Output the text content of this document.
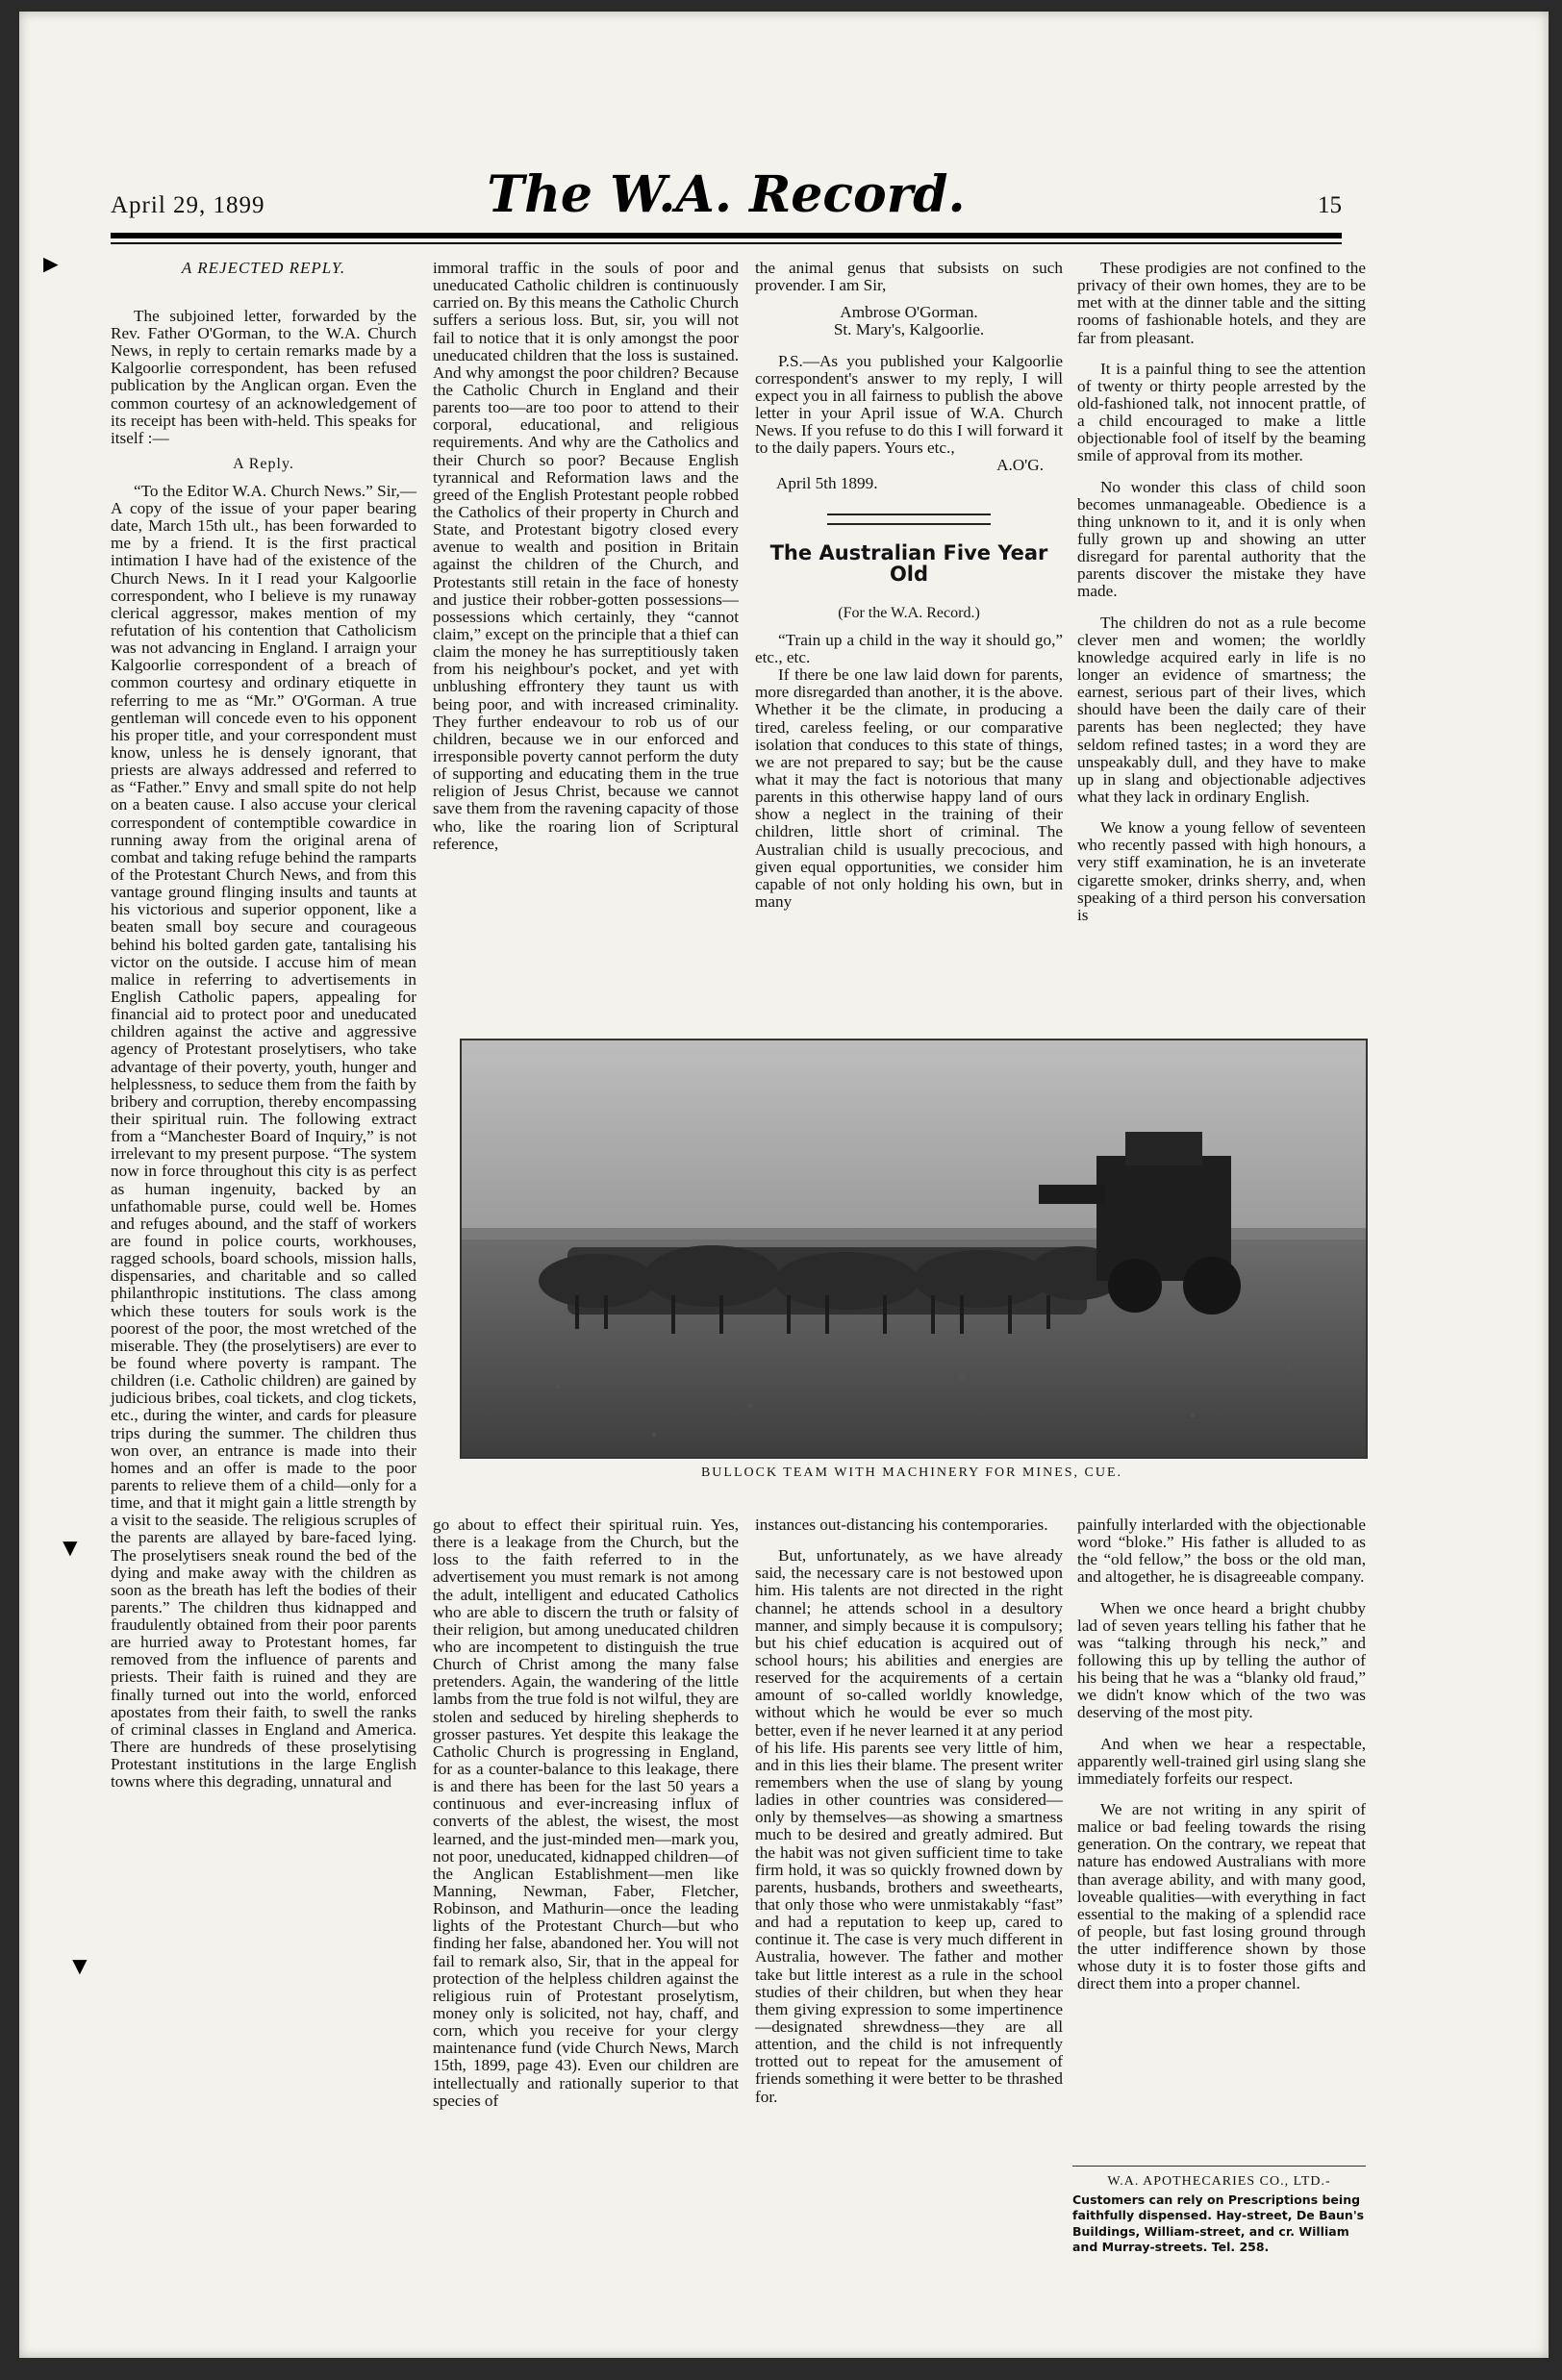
April 29, 1899	The W.A. Record.	15
A REJECTED REPLY.

The subjoined letter, forwarded by the Rev. Father O'Gorman, to the W.A. Church News, in reply to certain remarks made by a Kalgoorlie correspondent, has been refused publication by the Anglican organ. Even the common courtesy of an acknowledgement of its receipt has been with-held. This speaks for itself :—

A Reply.

“To the Editor W.A. Church News.” Sir,—A copy of the issue of your paper bearing date, March 15th ult., has been forwarded to me by a friend. It is the first practical intimation I have had of the existence of the Church News. In it I read your Kalgoorlie correspondent, who I believe is my runaway clerical aggressor, makes mention of my refutation of his contention that Catholicism was not advancing in England. I arraign your Kalgoorlie correspondent of a breach of common courtesy and ordinary etiquette in referring to me as “Mr.” O'Gorman. A true gentleman will concede even to his opponent his proper title, and your correspondent must know, unless he is densely ignorant, that priests are always addressed and referred to as “Father.” Envy and small spite do not help on a beaten cause. I also accuse your clerical correspondent of contemptible cowardice in running away from the original arena of combat and taking refuge behind the ramparts of the Protestant Church News, and from this vantage ground flinging insults and taunts at his victorious and superior opponent, like a beaten small boy secure and courageous behind his bolted garden gate, tantalising his victor on the outside. I accuse him of mean malice in referring to advertisements in English Catholic papers, appealing for financial aid to protect poor and uneducated children against the active and aggressive agency of Protestant proselytisers, who take advantage of their poverty, youth, hunger and helplessness, to seduce them from the faith by bribery and corruption, thereby encompassing their spiritual ruin. The following extract from a “Manchester Board of Inquiry,” is not irrelevant to my present purpose. “The system now in force throughout this city is as perfect as human ingenuity, backed by an unfathomable purse, could well be. Homes and refuges abound, and the staff of workers are found in police courts, workhouses, ragged schools, board schools, mission halls, dispensaries, and charitable and so called philanthropic institutions. The class among which these touters for souls work is the poorest of the poor, the most wretched of the miserable. They (the proselytisers) are ever to be found where poverty is rampant. The children (i.e. Catholic children) are gained by judicious bribes, coal tickets, and clog tickets, etc., during the winter, and cards for pleasure trips during the summer. The children thus won over, an entrance is made into their homes and an offer is made to the poor parents to relieve them of a child—only for a time, and that it might gain a little strength by a visit to the seaside. The religious scruples of the parents are allayed by bare-faced lying. The proselytisers sneak round the bed of the dying and make away with the children as soon as the breath has left the bodies of their parents.” The children thus kidnapped and fraudulently obtained from their poor parents are hurried away to Protestant homes, far removed from the influence of parents and priests. Their faith is ruined and they are finally turned out into the world, enforced apostates from their faith, to swell the ranks of criminal classes in England and America. There are hundreds of these proselytising Protestant institutions in the large English towns where this degrading, unnatural and

immoral traffic in the souls of poor and uneducated Catholic children is continuously carried on. By this means the Catholic Church suffers a serious loss. But, sir, you will not fail to notice that it is only amongst the poor uneducated children that the loss is sustained. And why amongst the poor children? Because the Catholic Church in England and their parents too—are too poor to attend to their corporal, educational, and religious requirements. And why are the Catholics and their Church so poor? Because English tyrannical and Reformation laws and the greed of the English Protestant people robbed the Catholics of their property in Church and State, and Protestant bigotry closed every avenue to wealth and position in Britain against the children of the Church, and Protestants still retain in the face of honesty and justice their robber-gotten possessions—possessions which certainly, they “cannot claim,” except on the principle that a thief can claim the money he has surreptitiously taken from his neighbour's pocket, and yet with unblushing effrontery they taunt us with being poor, and with increased criminality. They further endeavour to rob us of our children, because we in our enforced and irresponsible poverty cannot perform the duty of supporting and educating them in the true religion of Jesus Christ, because we cannot save them from the ravening capacity of those who, like the roaring lion of Scriptural reference,

the animal genus that subsists on such provender. I am Sir,

Ambrose O'Gorman.
St. Mary's, Kalgoorlie.

P.S.—As you published your Kalgoorlie correspondent's answer to my reply, I will expect you in all fairness to publish the above letter in your April issue of W.A. Church News. If you refuse to do this I will forward it to the daily papers. Yours etc.,

A.O'G.
April 5th 1899.
The Australian Five Year Old
(For the W.A. Record.)

“Train up a child in the way it should go,” etc., etc.

If there be one law laid down for parents, more disregarded than another, it is the above. Whether it be the climate, in producing a tired, careless feeling, or our comparative isolation that conduces to this state of things, we are not prepared to say; but be the cause what it may the fact is notorious that many parents in this otherwise happy land of ours show a neglect in the training of their children, little short of criminal. The Australian child is usually precocious, and given equal opportunities, we consider him capable of not only holding his own, but in many

These prodigies are not confined to the privacy of their own homes, they are to be met with at the dinner table and the sitting rooms of fashionable hotels, and they are far from pleasant.

It is a painful thing to see the attention of twenty or thirty people arrested by the old-fashioned talk, not innocent prattle, of a child encouraged to make a little objectionable fool of itself by the beaming smile of approval from its mother.

No wonder this class of child soon becomes unmanageable. Obedience is a thing unknown to it, and it is only when fully grown up and showing an utter disregard for parental authority that the parents discover the mistake they have made.

The children do not as a rule become clever men and women; the worldly knowledge acquired early in life is no longer an evidence of smartness; the earnest, serious part of their lives, which should have been the daily care of their parents has been neglected; they have seldom refined tastes; in a word they are unspeakably dull, and they have to make up in slang and objectionable adjectives what they lack in ordinary English.

We know a young fellow of seventeen who recently passed with high honours, a very stiff examination, he is an inveterate cigarette smoker, drinks sherry, and, when speaking of a third person his conversation is

BULLOCK TEAM WITH MACHINERY FOR MINES, CUE.

go about to effect their spiritual ruin. Yes, there is a leakage from the Church, but the loss to the faith referred to in the advertisement you must remark is not among the adult, intelligent and educated Catholics who are able to discern the truth or falsity of their religion, but among uneducated children who are incompetent to distinguish the true Church of Christ among the many false pretenders. Again, the wandering of the little lambs from the true fold is not wilful, they are stolen and seduced by hireling shepherds to grosser pastures. Yet despite this leakage the Catholic Church is progressing in England, for as a counter-balance to this leakage, there is and there has been for the last 50 years a continuous and ever-increasing influx of converts of the ablest, the wisest, the most learned, and the just-minded men—mark you, not poor, uneducated, kidnapped children—of the Anglican Establishment—men like Manning, Newman, Faber, Fletcher, Robinson, and Mathurin—once the leading lights of the Protestant Church—but who finding her false, abandoned her. You will not fail to remark also, Sir, that in the appeal for protection of the helpless children against the religious ruin of Protestant proselytism, money only is solicited, not hay, chaff, and corn, which you receive for your clergy maintenance fund (vide Church News, March 15th, 1899, page 43). Even our children are intellectually and rationally superior to that species of

instances out-distancing his contemporaries.

But, unfortunately, as we have already said, the necessary care is not bestowed upon him. His talents are not directed in the right channel; he attends school in a desultory manner, and simply because it is compulsory; but his chief education is acquired out of school hours; his abilities and energies are reserved for the acquirements of a certain amount of so-called worldly knowledge, without which he would be ever so much better, even if he never learned it at any period of his life. His parents see very little of him, and in this lies their blame. The present writer remembers when the use of slang by young ladies in other countries was considered—only by themselves—as showing a smartness much to be desired and greatly admired. But the habit was not given sufficient time to take firm hold, it was so quickly frowned down by parents, husbands, brothers and sweethearts, that only those who were unmistakably “fast” and had a reputation to keep up, cared to continue it. The case is very much different in Australia, however. The father and mother take but little interest as a rule in the school studies of their children, but when they hear them giving expression to some impertinence—designated shrewdness—they are all attention, and the child is not infrequently trotted out to repeat for the amusement of friends something it were better to be thrashed for.

painfully interlarded with the objectionable word “bloke.” His father is alluded to as the “old fellow,” the boss or the old man, and altogether, he is disagreeable company.

When we once heard a bright chubby lad of seven years telling his father that he was “talking through his neck,” and following this up by telling the author of his being that he was a “blanky old fraud,” we didn't know which of the two was deserving of the most pity.

And when we hear a respectable, apparently well-trained girl using slang she immediately forfeits our respect.

We are not writing in any spirit of malice or bad feeling towards the rising generation. On the contrary, we repeat that nature has endowed Australians with more than average ability, and with many good, loveable qualities—with everything in fact essential to the making of a splendid race of people, but fast losing ground through the utter indifference shown by those whose duty it is to foster those gifts and direct them into a proper channel.

W.A. APOTHECARIES CO., LTD.-
Customers can rely on Prescriptions being faithfully dispensed. Hay-street, De Baun's Buildings, William-street, and cr. William and Murray-streets. Tel. 258.
►
▼
▼
